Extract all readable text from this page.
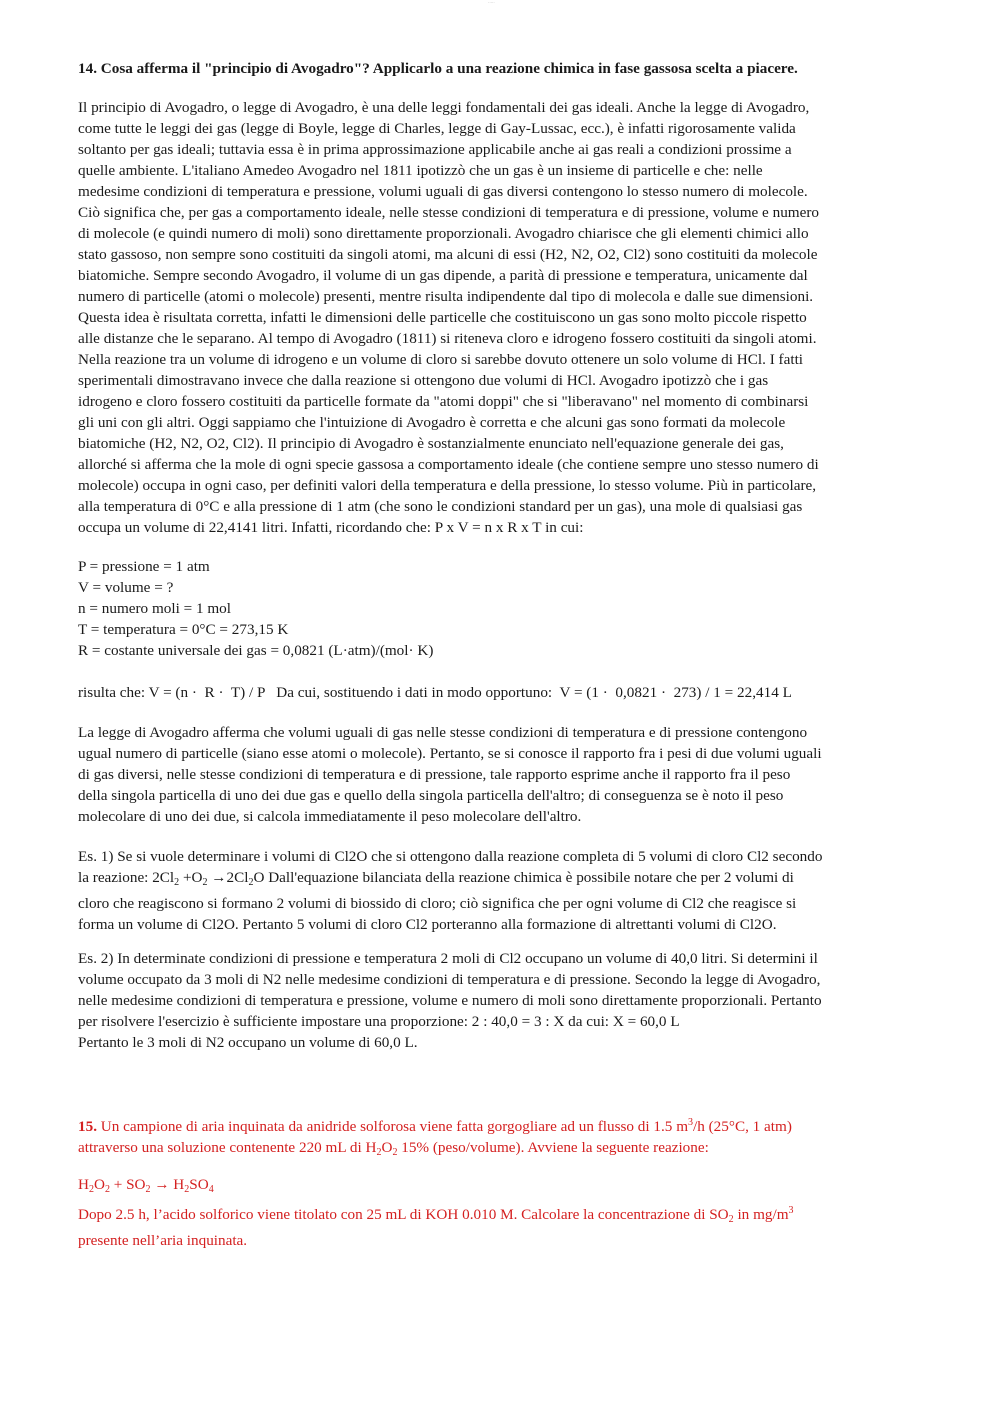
·····
14. Cosa afferma il "principio di Avogadro"? Applicarlo a una reazione chimica in fase gassosa scelta a piacere.
Il principio di Avogadro, o legge di Avogadro, è una delle leggi fondamentali dei gas ideali. Anche la legge di Avogadro,
come tutte le leggi dei gas (legge di Boyle, legge di Charles, legge di Gay-Lussac, ecc.), è infatti rigorosamente valida
soltanto per gas ideali; tuttavia essa è in prima approssimazione applicabile anche ai gas reali a condizioni prossime a
quelle ambiente. L'italiano Amedeo Avogadro nel 1811 ipotizzò che un gas è un insieme di particelle e che: nelle
medesime condizioni di temperatura e pressione, volumi uguali di gas diversi contengono lo stesso numero di molecole.
Ciò significa che, per gas a comportamento ideale, nelle stesse condizioni di temperatura e di pressione, volume e numero
di molecole (e quindi numero di moli) sono direttamente proporzionali. Avogadro chiarisce che gli elementi chimici allo
stato gassoso, non sempre sono costituiti da singoli atomi, ma alcuni di essi (H2, N2, O2, Cl2) sono costituiti da molecole
biatomiche. Sempre secondo Avogadro, il volume di un gas dipende, a parità di pressione e temperatura, unicamente dal
numero di particelle (atomi o molecole) presenti, mentre risulta indipendente dal tipo di molecola e dalle sue dimensioni.
Questa idea è risultata corretta, infatti le dimensioni delle particelle che costituiscono un gas sono molto piccole rispetto
alle distanze che le separano. Al tempo di Avogadro (1811) si riteneva cloro e idrogeno fossero costituiti da singoli atomi.
Nella reazione tra un volume di idrogeno e un volume di cloro si sarebbe dovuto ottenere un solo volume di HCl. I fatti
sperimentali dimostravano invece che dalla reazione si ottengono due volumi di HCl. Avogadro ipotizzò che i gas
idrogeno e cloro fossero costituiti da particelle formate da "atomi doppi" che si "liberavano" nel momento di combinarsi
gli uni con gli altri. Oggi sappiamo che l'intuizione di Avogadro è corretta e che alcuni gas sono formati da molecole
biatomiche (H2, N2, O2, Cl2). Il principio di Avogadro è sostanzialmente enunciato nell'equazione generale dei gas,
allorché si afferma che la mole di ogni specie gassosa a comportamento ideale (che contiene sempre uno stesso numero di
molecole) occupa in ogni caso, per definiti valori della temperatura e della pressione, lo stesso volume. Più in particolare,
alla temperatura di 0°C e alla pressione di 1 atm (che sono le condizioni standard per un gas), una mole di qualsiasi gas
occupa un volume di 22,4141 litri. Infatti, ricordando che: P x V = n x R x T in cui:
P = pressione = 1 atm
V = volume = ?
n = numero moli = 1 mol
T = temperatura = 0°C = 273,15 K
R = costante universale dei gas = 0,0821 (L·atm)/(mol· K)
risulta che: V = (n ·  R ·  T) / P   Da cui, sostituendo i dati in modo opportuno:  V = (1 ·  0,0821 ·  273) / 1 = 22,414 L
La legge di Avogadro afferma che volumi uguali di gas nelle stesse condizioni di temperatura e di pressione contengono
ugual numero di particelle (siano esse atomi o molecole). Pertanto, se si conosce il rapporto fra i pesi di due volumi uguali
di gas diversi, nelle stesse condizioni di temperatura e di pressione, tale rapporto esprime anche il rapporto fra il peso
della singola particella di uno dei due gas e quello della singola particella dell'altro; di conseguenza se è noto il peso
molecolare di uno dei due, si calcola immediatamente il peso molecolare dell'altro.
Es. 1) Se si vuole determinare i volumi di Cl2O che si ottengono dalla reazione completa di 5 volumi di cloro Cl2 secondo
la reazione: $2Cl_2 +O_2 \to 2Cl_2O$ Dall'equazione bilanciata della reazione chimica è possibile notare che per 2 volumi di
cloro che reagiscono si formano 2 volumi di biossido di cloro; ciò significa che per ogni volume di Cl2 che reagisce si
forma un volume di Cl2O. Pertanto 5 volumi di cloro Cl2 porteranno alla formazione di altrettanti volumi di Cl2O.
Es. 2) In determinate condizioni di pressione e temperatura 2 moli di Cl2 occupano un volume di 40,0 litri. Si determini il
volume occupato da 3 moli di N2 nelle medesime condizioni di temperatura e di pressione. Secondo la legge di Avogadro,
nelle medesime condizioni di temperatura e pressione, volume e numero di moli sono direttamente proporzionali. Pertanto
per risolvere l'esercizio è sufficiente impostare una proporzione: 2 : 40,0 = 3 : X da cui: X = 60,0 L
Pertanto le 3 moli di N2 occupano un volume di 60,0 L.
15. Un campione di aria inquinata da anidride solforosa viene fatta gorgogliare ad un flusso di 1.5 $m^3/h$ (25°C, 1 atm)
attraverso una soluzione contenente 220 mL di $H_2O_2$ 15% (peso/volume). Avviene la seguente reazione:
$H_2O_2 + SO_2 \to H_2SO_4$
Dopo 2.5 h, l’acido solforico viene titolato con 25 mL di KOH 0.010 M. Calcolare la concentrazione di $SO_2$ in $mg/m^3$
presente nell’aria inquinata.
